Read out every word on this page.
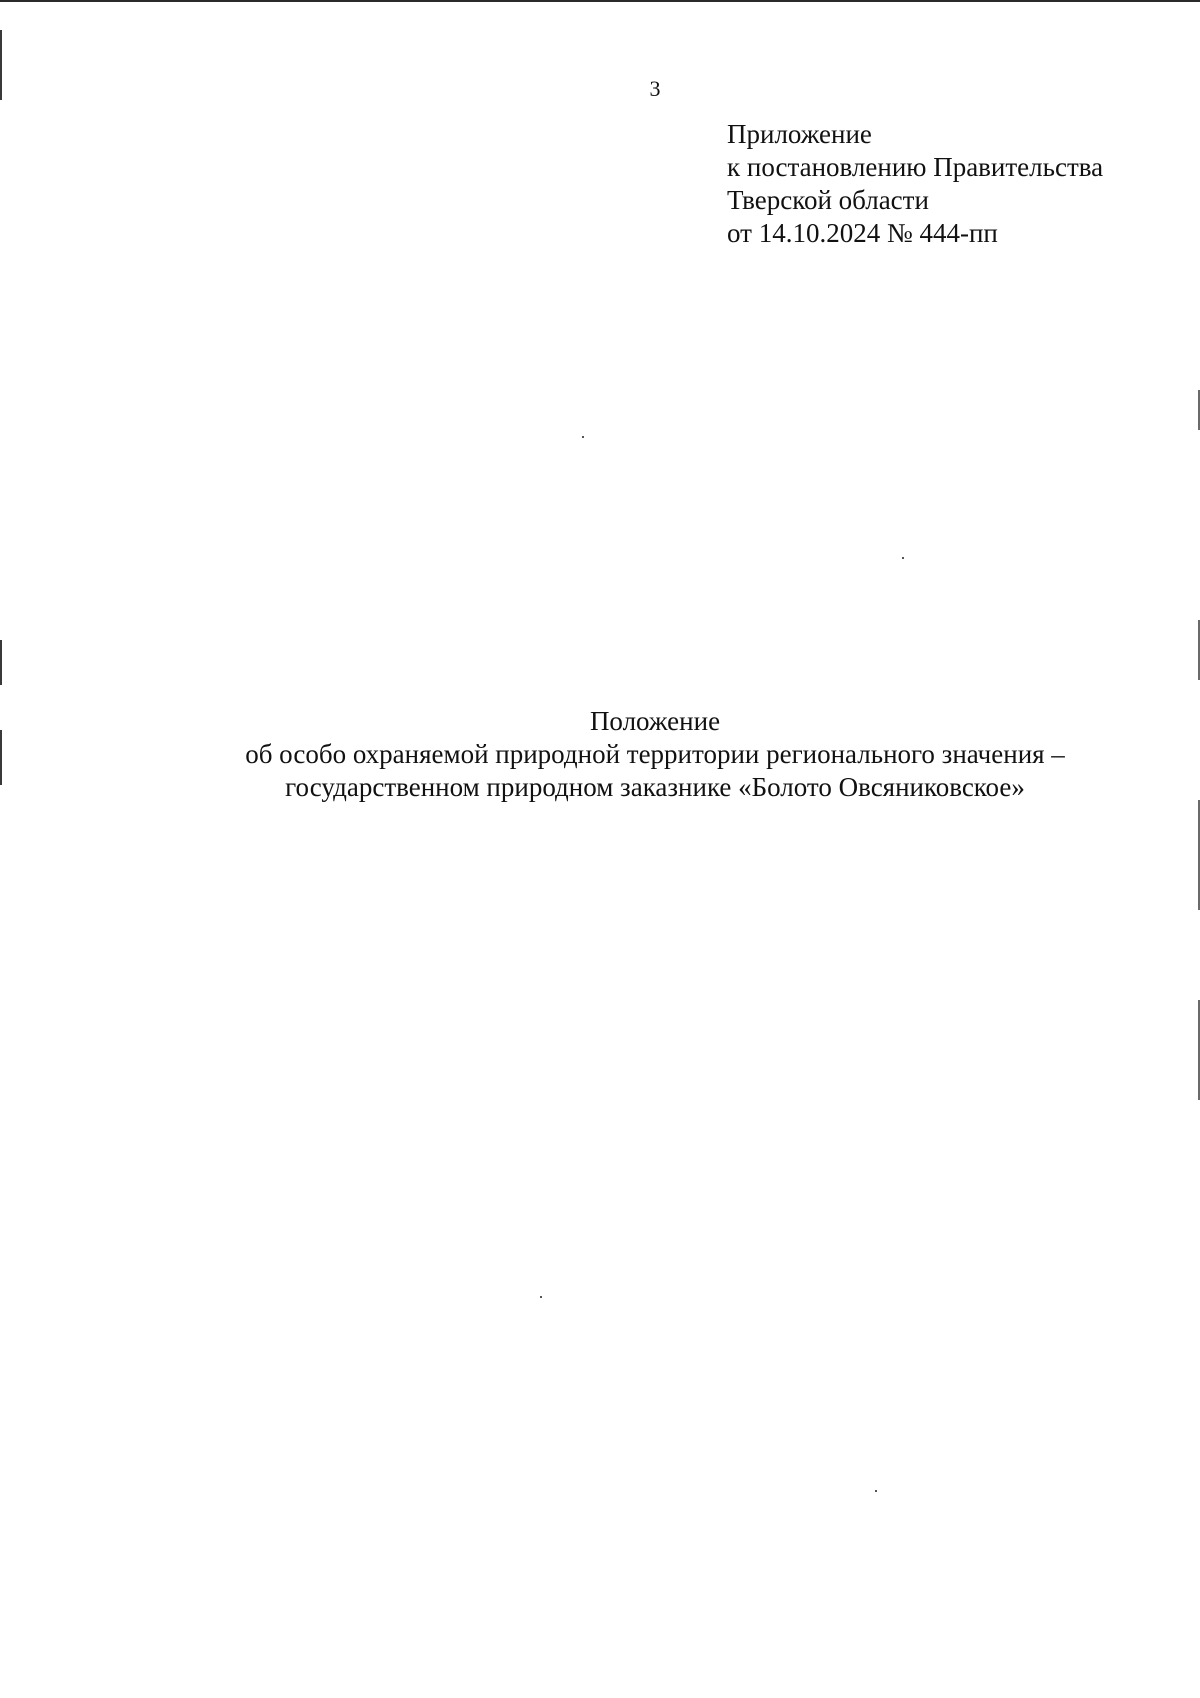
3
Приложение
к постановлению Правительства
Тверской области
от 14.10.2024 № 444-пп
Положение
об особо охраняемой природной территории регионального значения –
государственном природном заказнике «Болото Овсяниковское»
